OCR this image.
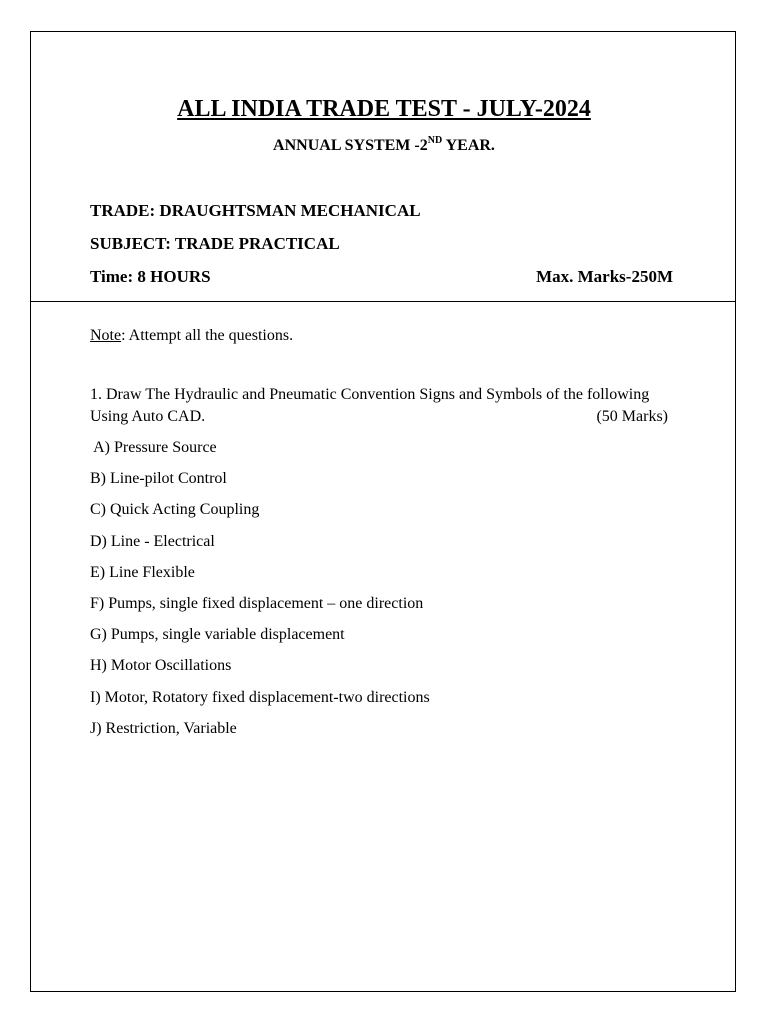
ALL INDIA TRADE TEST - JULY-2024
ANNUAL SYSTEM -2ND YEAR.
TRADE: DRAUGHTSMAN MECHANICAL
SUBJECT: TRADE PRACTICAL
Time: 8 HOURS	Max. Marks-250M
Note: Attempt all the questions.
1. Draw The Hydraulic and Pneumatic Convention Signs and Symbols of the following
Using Auto CAD.	(50 Marks)
A) Pressure Source
B) Line-pilot Control
C) Quick Acting Coupling
D) Line - Electrical
E) Line Flexible
F) Pumps, single fixed displacement – one direction
G) Pumps, single variable displacement
H) Motor Oscillations
I) Motor, Rotatory fixed displacement-two directions
J) Restriction, Variable
